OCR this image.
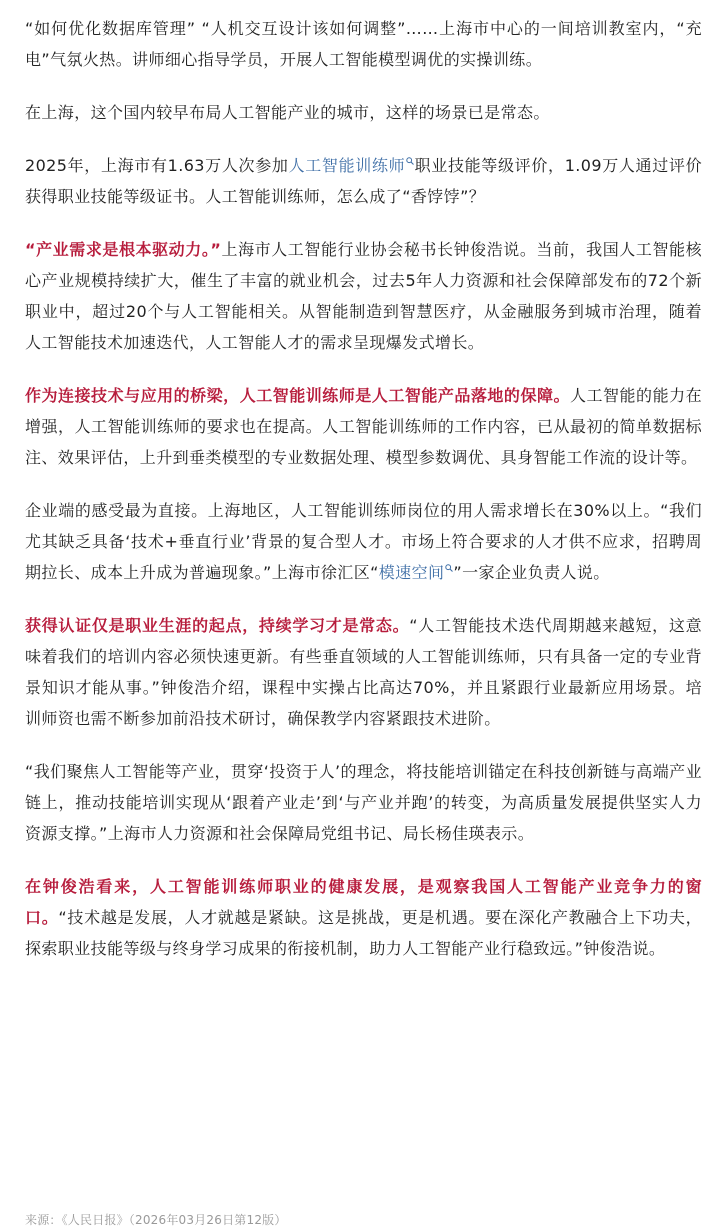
“如何优化数据库管理” “人机交互设计该如何调整”……上海市中心的一间培训教室内，“充电”气氛火热。讲师细心指导学员，开展人工智能模型调优的实操训练。

在上海，这个国内较早布局人工智能产业的城市，这样的场景已是常态。

2025年，上海市有1.63万人次参加人工智能训练师 职业技能等级评价，1.09万人通过评价获得职业技能等级证书。人工智能训练师，怎么成了“香饽饽”？

“产业需求是根本驱动力。”上海市人工智能行业协会秘书长钟俊浩说。当前，我国人工智能核心产业规模持续扩大，催生了丰富的就业机会，过去5年人力资源和社会保障部发布的72个新职业中，超过20个与人工智能相关。从智能制造到智慧医疗，从金融服务到城市治理，随着人工智能技术加速迭代，人工智能人才的需求呈现爆发式增长。

作为连接技术与应用的桥梁，人工智能训练师是人工智能产品落地的保障。人工智能的能力在增强，人工智能训练师的要求也在提高。人工智能训练师的工作内容，已从最初的简单数据标注、效果评估，上升到垂类模型的专业数据处理、模型参数调优、具身智能工作流的设计等。

企业端的感受最为直接。上海地区，人工智能训练师岗位的用人需求增长在30%以上。“我们尤其缺乏具备‘技术+垂直行业’背景的复合型人才。市场上符合要求的人才供不应求，招聘周期拉长、成本上升成为普遍现象。”上海市徐汇区“模速空间 ”一家企业负责人说。

获得认证仅是职业生涯的起点，持续学习才是常态。“人工智能技术迭代周期越来越短，这意味着我们的培训内容必须快速更新。有些垂直领域的人工智能训练师，只有具备一定的专业背景知识才能从事。”钟俊浩介绍，课程中实操占比高达70%，并且紧跟行业最新应用场景。培训师资也需不断参加前沿技术研讨，确保教学内容紧跟技术进阶。

“我们聚焦人工智能等产业，贯穿‘投资于人’的理念，将技能培训锚定在科技创新链与高端产业链上，推动技能培训实现从‘跟着产业走’到‘与产业并跑’的转变，为高质量发展提供坚实人力资源支撑。”上海市人力资源和社会保障局党组书记、局长杨佳瑛表示。

在钟俊浩看来，人工智能训练师职业的健康发展，是观察我国人工智能产业竞争力的窗口。“技术越是发展，人才就越是紧缺。这是挑战，更是机遇。要在深化产教融合上下功夫，探索职业技能等级与终身学习成果的衔接机制，助力人工智能产业行稳致远。”钟俊浩说。

来源：《人民日报》（2026年03月26日第12版）
